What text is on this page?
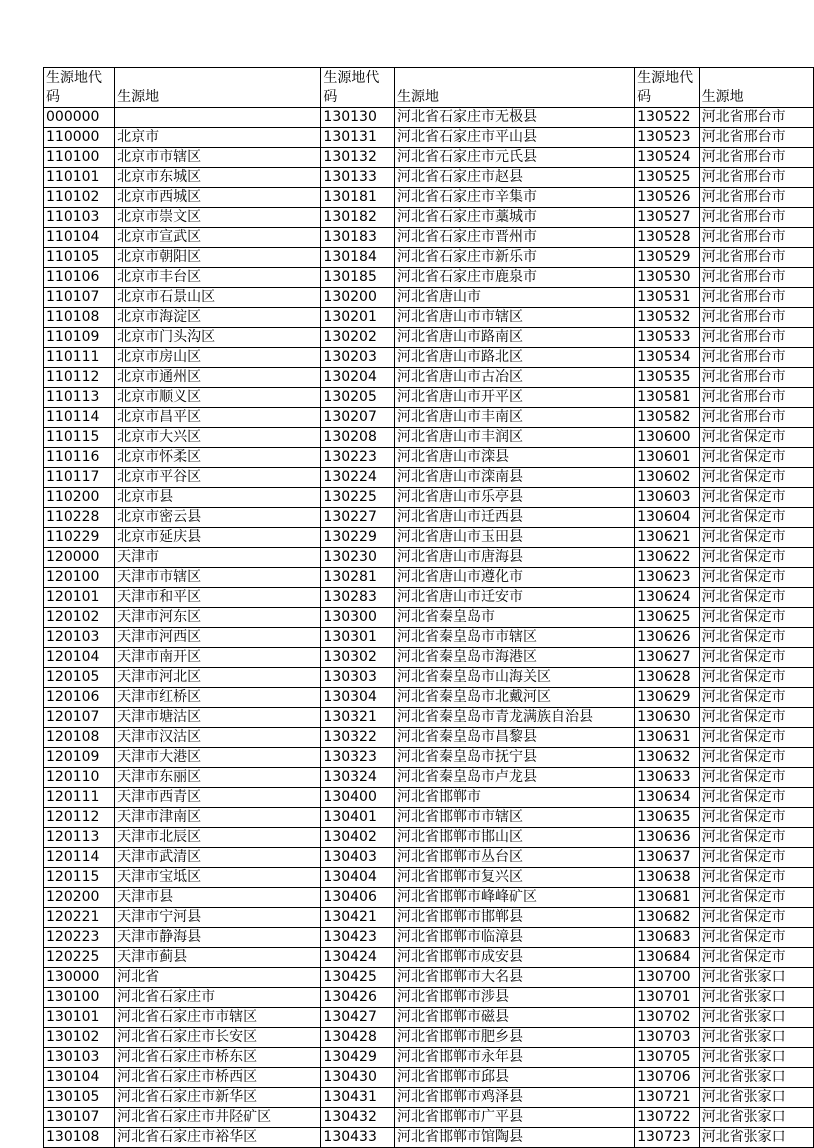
生源地代码	生源地	生源地代码	生源地	生源地代码	生源地
000000		130130	河北省石家庄市无极县	130522	河北省邢台市
110000	北京市	130131	河北省石家庄市平山县	130523	河北省邢台市
110100	北京市市辖区	130132	河北省石家庄市元氏县	130524	河北省邢台市
110101	北京市东城区	130133	河北省石家庄市赵县	130525	河北省邢台市
110102	北京市西城区	130181	河北省石家庄市辛集市	130526	河北省邢台市
110103	北京市崇文区	130182	河北省石家庄市藁城市	130527	河北省邢台市
110104	北京市宣武区	130183	河北省石家庄市晋州市	130528	河北省邢台市
110105	北京市朝阳区	130184	河北省石家庄市新乐市	130529	河北省邢台市
110106	北京市丰台区	130185	河北省石家庄市鹿泉市	130530	河北省邢台市
110107	北京市石景山区	130200	河北省唐山市	130531	河北省邢台市
110108	北京市海淀区	130201	河北省唐山市市辖区	130532	河北省邢台市
110109	北京市门头沟区	130202	河北省唐山市路南区	130533	河北省邢台市
110111	北京市房山区	130203	河北省唐山市路北区	130534	河北省邢台市
110112	北京市通州区	130204	河北省唐山市古冶区	130535	河北省邢台市
110113	北京市顺义区	130205	河北省唐山市开平区	130581	河北省邢台市
110114	北京市昌平区	130207	河北省唐山市丰南区	130582	河北省邢台市
110115	北京市大兴区	130208	河北省唐山市丰润区	130600	河北省保定市
110116	北京市怀柔区	130223	河北省唐山市滦县	130601	河北省保定市
110117	北京市平谷区	130224	河北省唐山市滦南县	130602	河北省保定市
110200	北京市县	130225	河北省唐山市乐亭县	130603	河北省保定市
110228	北京市密云县	130227	河北省唐山市迁西县	130604	河北省保定市
110229	北京市延庆县	130229	河北省唐山市玉田县	130621	河北省保定市
120000	天津市	130230	河北省唐山市唐海县	130622	河北省保定市
120100	天津市市辖区	130281	河北省唐山市遵化市	130623	河北省保定市
120101	天津市和平区	130283	河北省唐山市迁安市	130624	河北省保定市
120102	天津市河东区	130300	河北省秦皇岛市	130625	河北省保定市
120103	天津市河西区	130301	河北省秦皇岛市市辖区	130626	河北省保定市
120104	天津市南开区	130302	河北省秦皇岛市海港区	130627	河北省保定市
120105	天津市河北区	130303	河北省秦皇岛市山海关区	130628	河北省保定市
120106	天津市红桥区	130304	河北省秦皇岛市北戴河区	130629	河北省保定市
120107	天津市塘沽区	130321	河北省秦皇岛市青龙满族自治县	130630	河北省保定市
120108	天津市汉沽区	130322	河北省秦皇岛市昌黎县	130631	河北省保定市
120109	天津市大港区	130323	河北省秦皇岛市抚宁县	130632	河北省保定市
120110	天津市东丽区	130324	河北省秦皇岛市卢龙县	130633	河北省保定市
120111	天津市西青区	130400	河北省邯郸市	130634	河北省保定市
120112	天津市津南区	130401	河北省邯郸市市辖区	130635	河北省保定市
120113	天津市北辰区	130402	河北省邯郸市邯山区	130636	河北省保定市
120114	天津市武清区	130403	河北省邯郸市丛台区	130637	河北省保定市
120115	天津市宝坻区	130404	河北省邯郸市复兴区	130638	河北省保定市
120200	天津市县	130406	河北省邯郸市峰峰矿区	130681	河北省保定市
120221	天津市宁河县	130421	河北省邯郸市邯郸县	130682	河北省保定市
120223	天津市静海县	130423	河北省邯郸市临漳县	130683	河北省保定市
120225	天津市蓟县	130424	河北省邯郸市成安县	130684	河北省保定市
130000	河北省	130425	河北省邯郸市大名县	130700	河北省张家口
130100	河北省石家庄市	130426	河北省邯郸市涉县	130701	河北省张家口
130101	河北省石家庄市市辖区	130427	河北省邯郸市磁县	130702	河北省张家口
130102	河北省石家庄市长安区	130428	河北省邯郸市肥乡县	130703	河北省张家口
130103	河北省石家庄市桥东区	130429	河北省邯郸市永年县	130705	河北省张家口
130104	河北省石家庄市桥西区	130430	河北省邯郸市邱县	130706	河北省张家口
130105	河北省石家庄市新华区	130431	河北省邯郸市鸡泽县	130721	河北省张家口
130107	河北省石家庄市井陉矿区	130432	河北省邯郸市广平县	130722	河北省张家口
130108	河北省石家庄市裕华区	130433	河北省邯郸市馆陶县	130723	河北省张家口
